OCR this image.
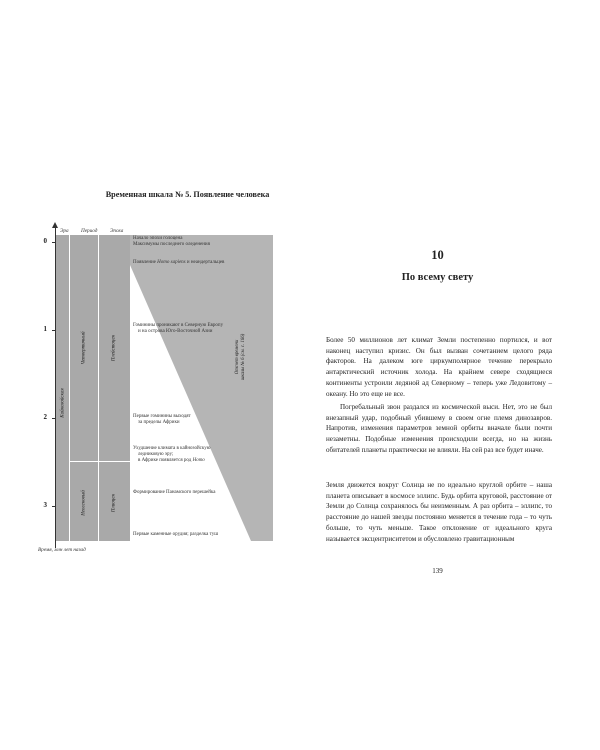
Временная шкала № 5. Появление человека
Эра Период Эпоха
0
1
2
3
Кайнозойская
Четвертичный
Неогеновый
Плейстоцен
Плиоцен
Отсчет времени шкалы № 6 (см. с. 166)
Начало эпохи голоцена
Максимумы последнего оледенения
Появление Homo sapiens и неандертальцев
Гоминины проникают в Северную Европу
и на острова Юго-Восточной Азии
Первые гоминины выходят
за пределы Африки
Ухудшение климата в кайнозойскую
ледниковую эру;
в Африке появляется род Homo
Формирование Панамского перешейка
Первые каменные орудия; разделка туш
Время, млн лет назад
10
По всему свету
Более 50 миллионов лет климат Земли постепенно портился, и вот наконец наступил кризис. Он был вызван сочетанием целого ряда факторов. На далеком юге циркумполярное течение перекрыло антарктический источник холода. На крайнем севере сходящиеся континенты устроили ледяной ад Северному – теперь уже Ледовитому – океану. Но это еще не все.
Погребальный звон раздался из космической выси. Нет, это не был внезапный удар, подобный убившему в своем огне племя динозавров. Напротив, изменения параметров земной орбиты вначале были почти незаметны. Подобные изменения происходили всегда, но на жизнь обитателей планеты практически не влияли. На сей раз все будет иначе.
Земля движется вокруг Солнца не по идеально круглой орбите – наша планета описывает в космосе эллипс. Будь орбита круговой, расстояние от Земли до Солнца сохранялось бы неизменным. А раз орбита – эллипс, то расстояние до нашей звезды постоянно меняется в течение года – то чуть больше, то чуть меньше. Такое отклонение от идеального круга называется эксцентриситетом и обусловлено гравитационным
139
